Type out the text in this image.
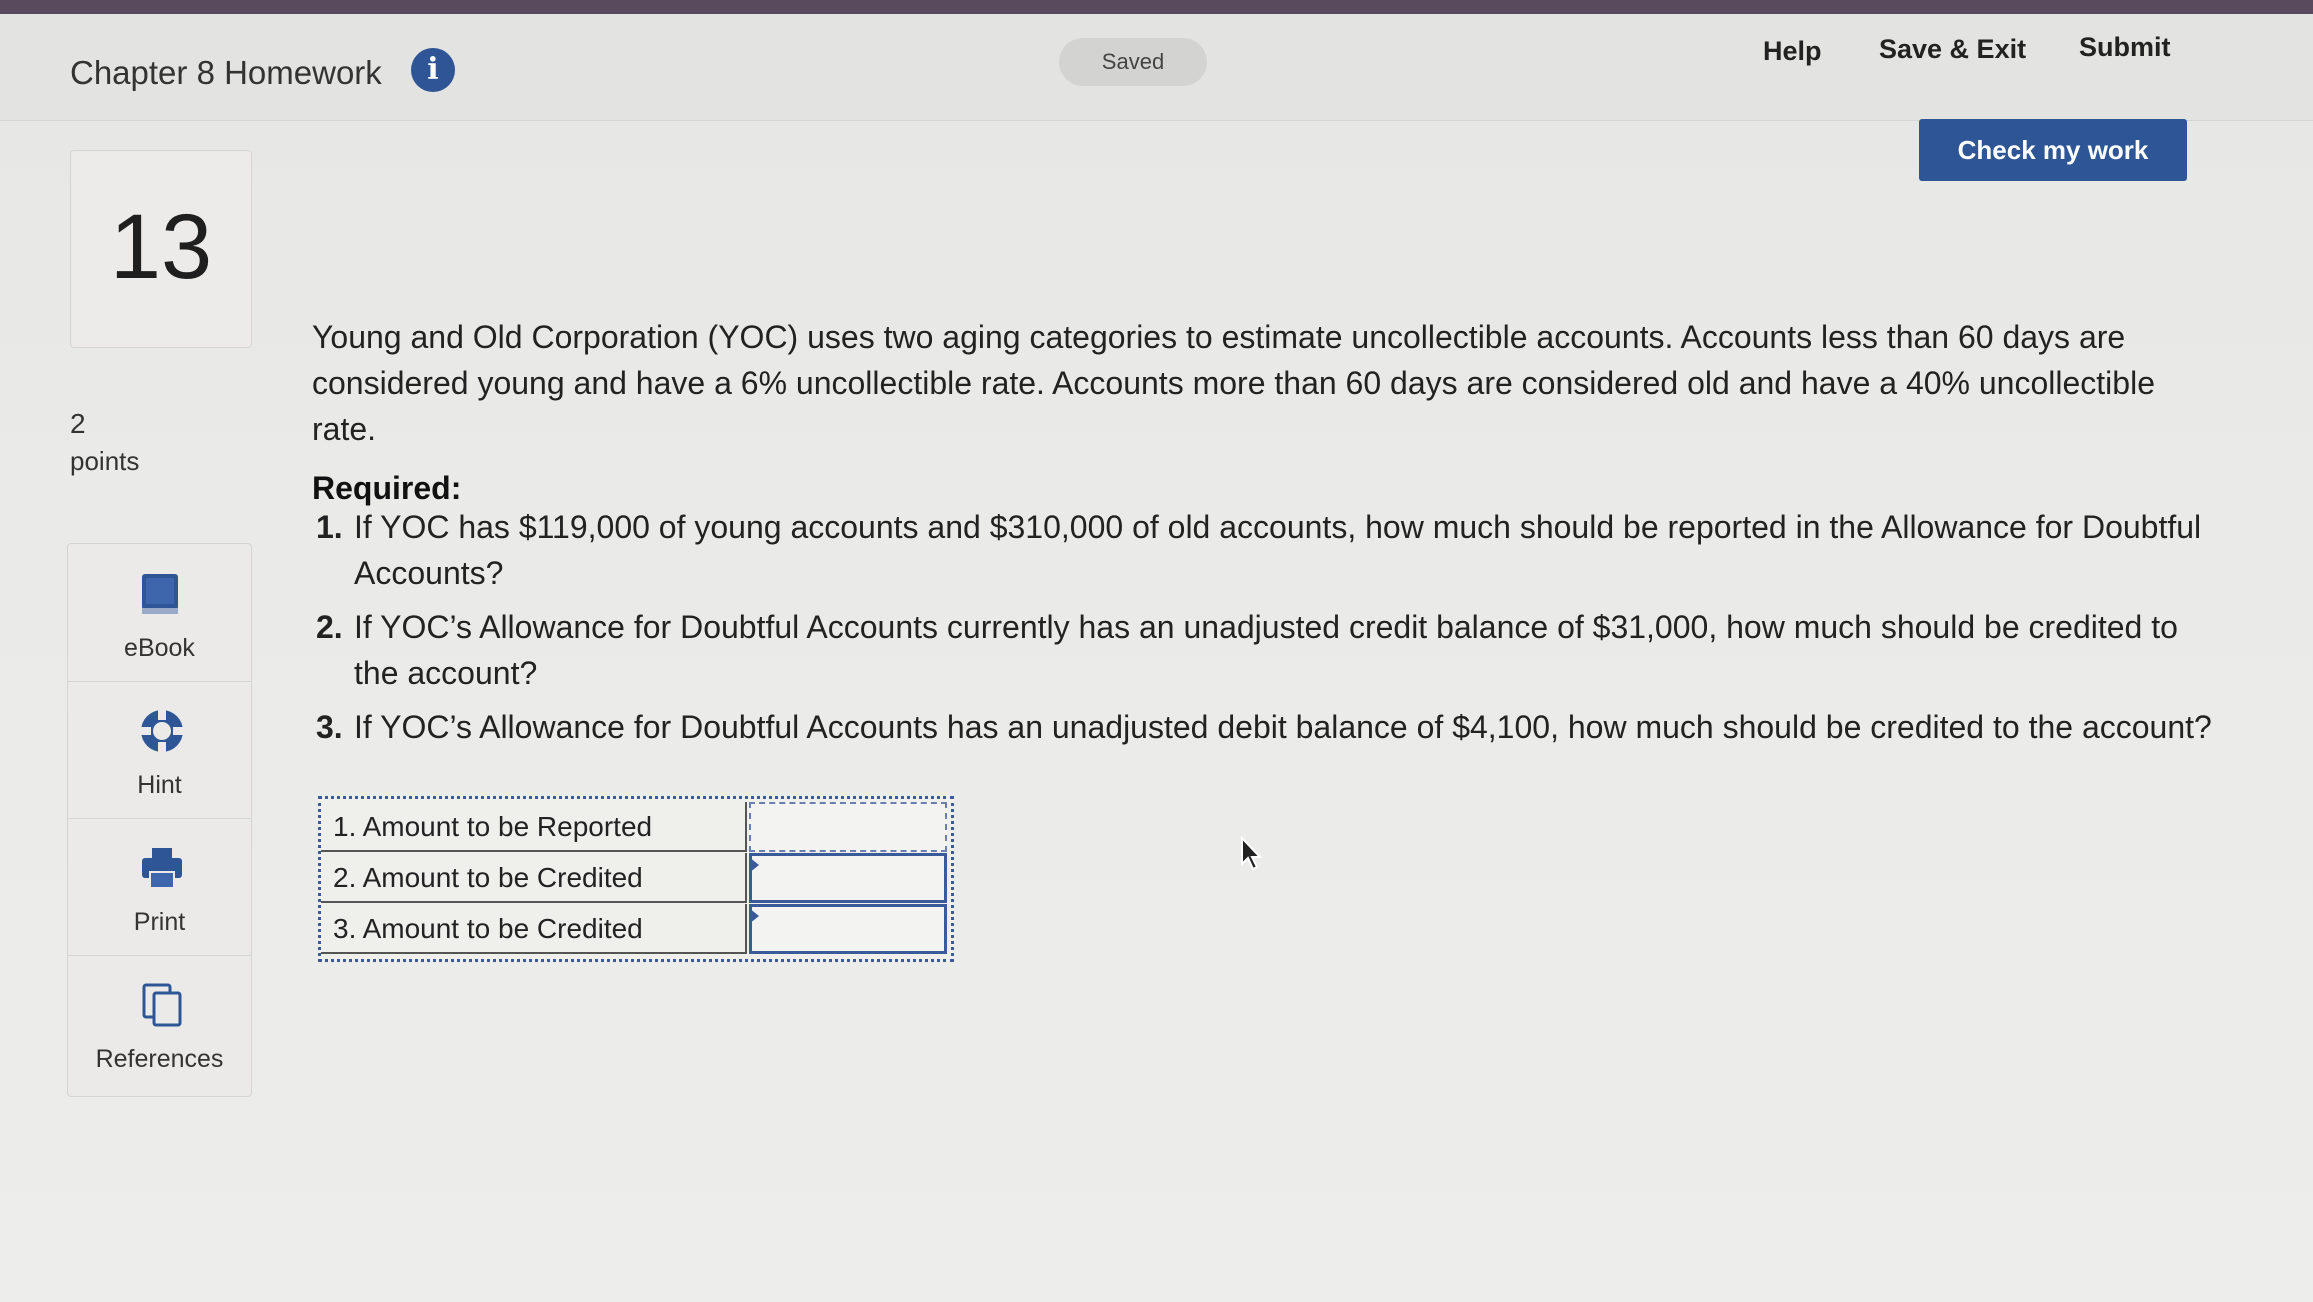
Chapter 8 Homework	i	Saved	Help Save & Exit Submit
Check my work
13
2
points
eBook
Hint
Print
References
Young and Old Corporation (YOC) uses two aging categories to estimate uncollectible accounts. Accounts less than 60 days are considered young and have a 6% uncollectible rate. Accounts more than 60 days are considered old and have a 40% uncollectible rate.
Required:
1. If YOC has $119,000 of young accounts and $310,000 of old accounts, how much should be reported in the Allowance for Doubtful Accounts?
2. If YOC’s Allowance for Doubtful Accounts currently has an unadjusted credit balance of $31,000, how much should be credited to the account?
3. If YOC’s Allowance for Doubtful Accounts has an unadjusted debit balance of $4,100, how much should be credited to the account?
1. Amount to be Reported
2. Amount to be Credited
3. Amount to be Credited
